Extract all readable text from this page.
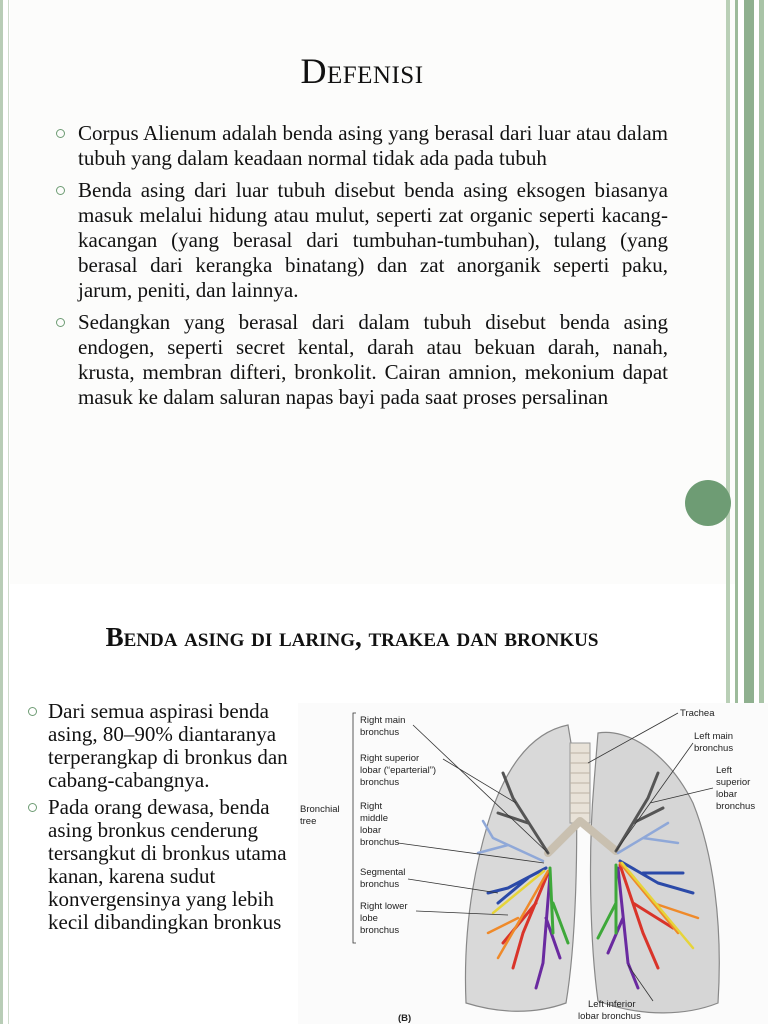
Defenisi
Corpus Alienum adalah benda asing yang berasal dari luar atau dalam tubuh yang dalam keadaan normal tidak ada pada tubuh
Benda asing dari luar tubuh disebut benda asing eksogen biasanya masuk melalui hidung atau mulut, seperti zat organic seperti kacang-kacangan (yang berasal dari tumbuhan-tumbuhan), tulang (yang berasal dari kerangka binatang) dan zat anorganik seperti paku, jarum, peniti, dan lainnya.
Sedangkan yang berasal dari dalam tubuh disebut benda asing endogen, seperti secret kental, darah atau bekuan darah, nanah, krusta, membran difteri, bronkolit. Cairan amnion, mekonium dapat masuk ke dalam saluran napas bayi pada saat proses persalinan
Benda asing di laring, trakea dan bronkus
Dari semua aspirasi benda asing, 80–90% diantaranya terperangkap di bronkus dan cabang-cabangnya.
Pada orang dewasa, benda asing bronkus cenderung tersangkut di bronkus utama kanan, karena sudut konvergensinya yang lebih kecil dibandingkan bronkus
Right main
bronchus
Right superior
lobar (“eparterial”)
bronchus
Bronchial
tree
Right
middle
lobar
bronchus
Segmental
bronchus
Right lower
lobe
bronchus
Trachea
Left main
bronchus
Left
superior
lobar
bronchus
Left inferior
lobar bronchus
(B)
